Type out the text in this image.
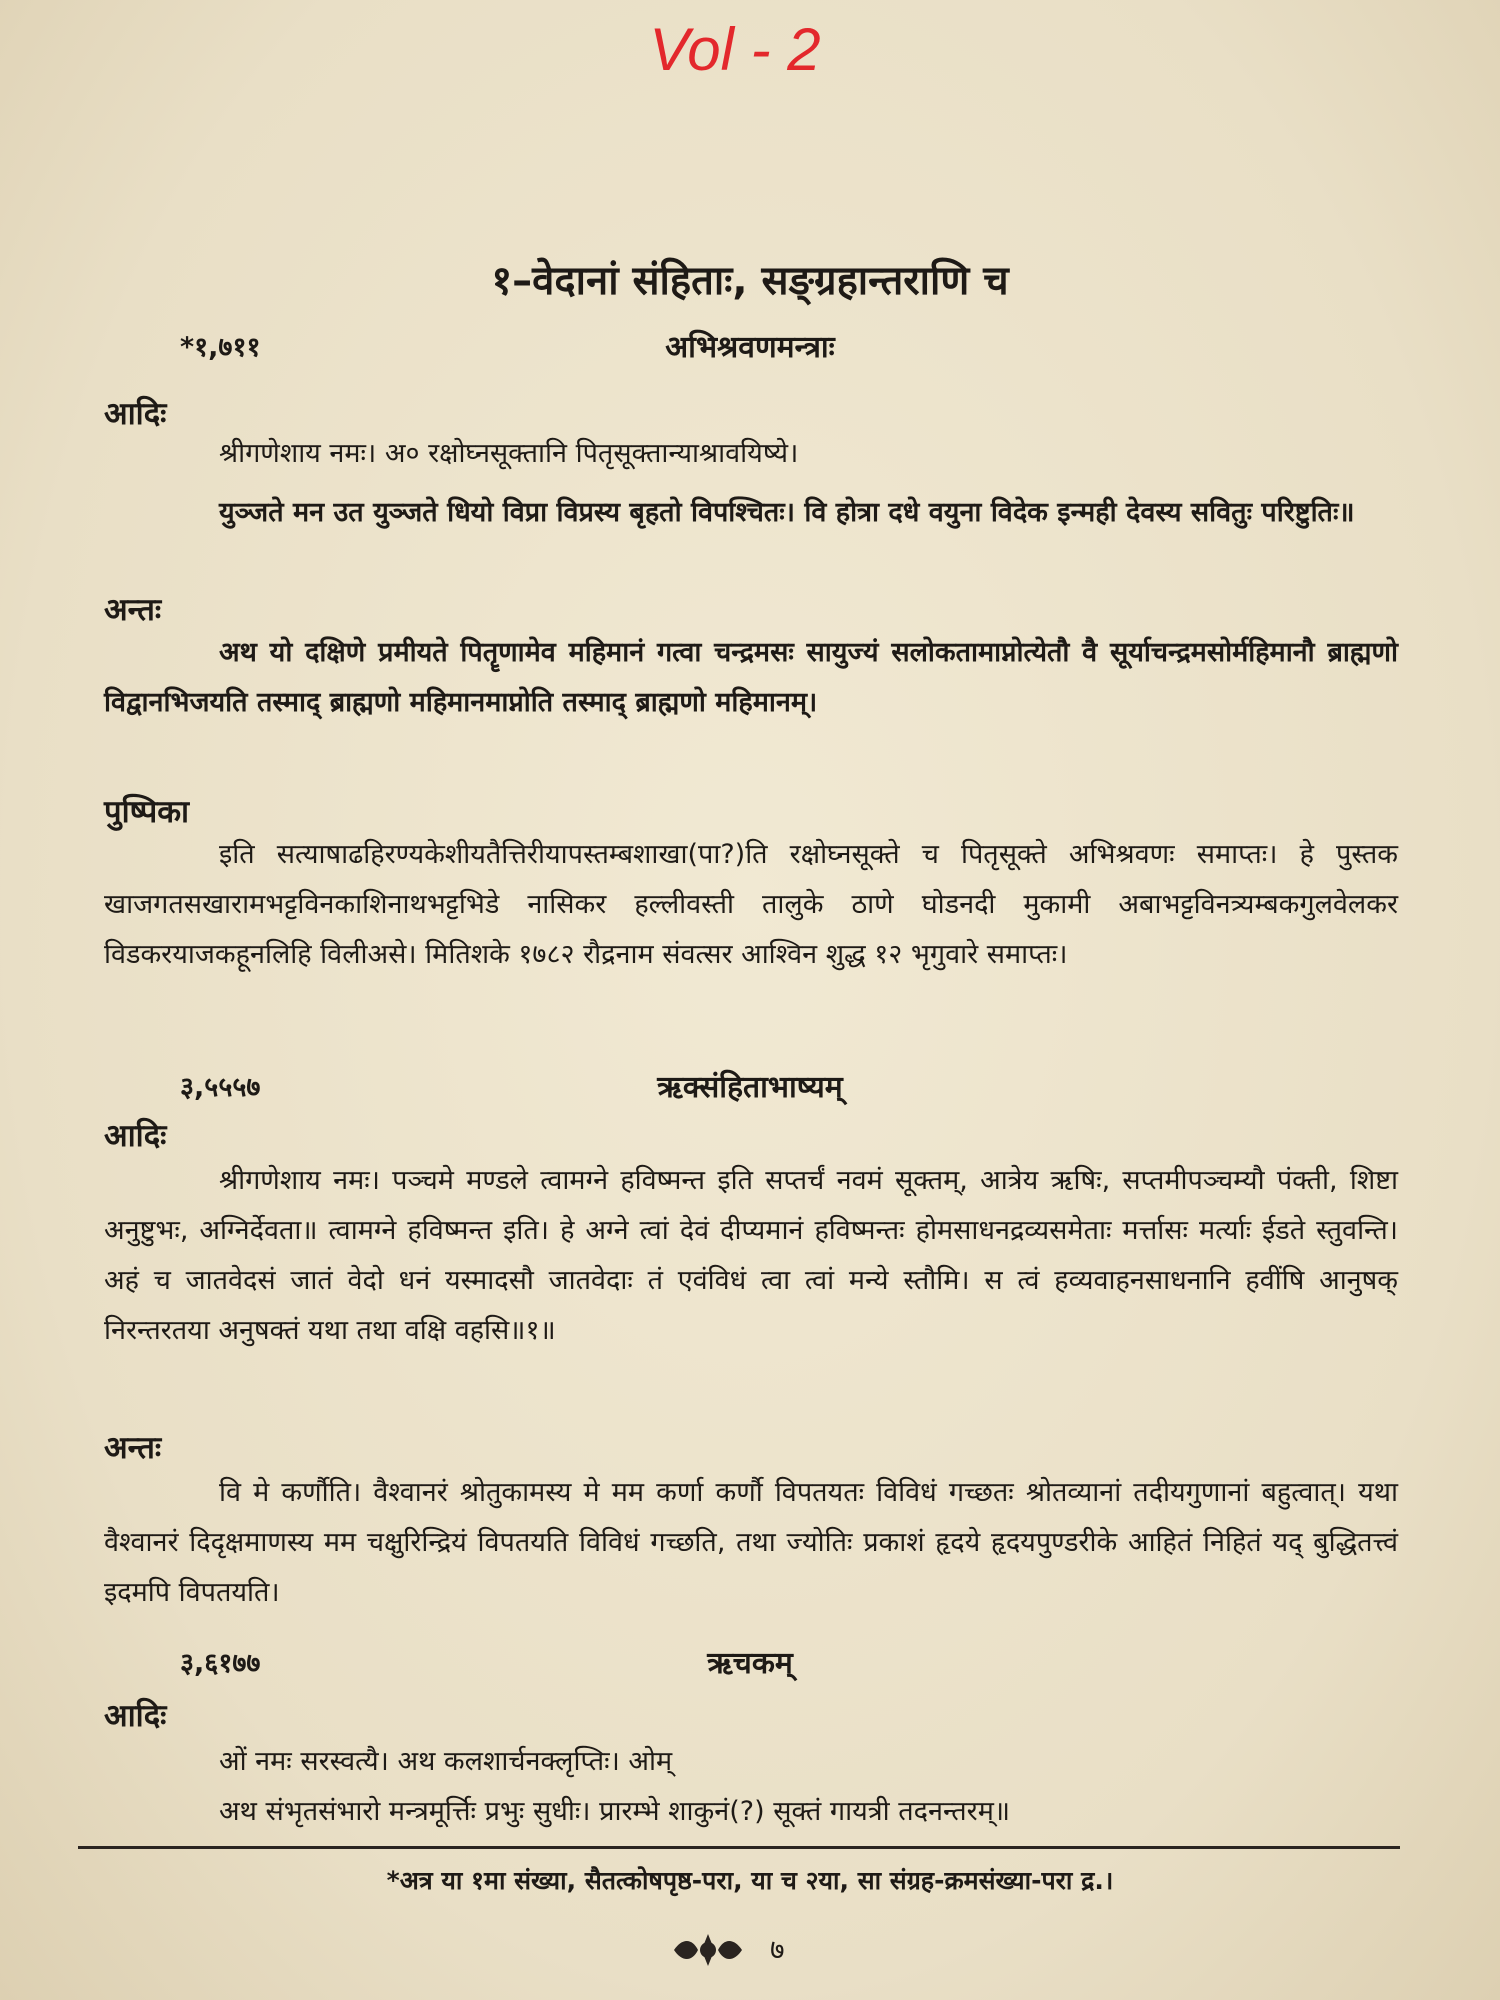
Vol - 2
१–वेदानां संहिताः, सङ्ग्रहान्तराणि च
*१,७११	अभिश्रवणमन्त्राः
आदिः
श्रीगणेशाय नमः। अ० रक्षोघ्नसूक्तानि पितृसूक्तान्याश्रावयिष्ये।

युञ्जते मन उत युञ्जते धियो विप्रा विप्रस्य बृहतो विपश्चितः। वि होत्रा दधे वयुना विदेक इन्मही देवस्य सवितुः परिष्टुतिः॥

अन्तः

अथ यो दक्षिणे प्रमीयते पितॄणामेव महिमानं गत्वा चन्द्रमसः सायुज्यं सलोकतामाप्नोत्येतौ वै सूर्याचन्द्रमसोर्महिमानौ ब्राह्मणो विद्वानभिजयति तस्माद् ब्राह्मणो महिमानमाप्नोति तस्माद् ब्राह्मणो महिमानम्।

पुष्पिका

इति सत्याषाढहिरण्यकेशीयतैत्तिरीयापस्तम्बशाखा(पा?)ति रक्षोघ्नसूक्ते च पितृसूक्ते अभिश्रवणः समाप्तः। हे पुस्तक खाजगतसखारामभट्टविनकाशिनाथभट्टभिडे नासिकर हल्लीवस्ती तालुके ठाणे घोडनदी मुकामी अबाभट्टविनत्र्यम्बकगुलवेलकर विडकरयाजकहूनलिहि विलीअसे। मितिशके १७८२ रौद्रनाम संवत्सर आश्विन शुद्ध १२ भृगुवारे समाप्तः।

३,५५५७	ऋक्संहिताभाष्यम्
आदिः

श्रीगणेशाय नमः। पञ्चमे मण्डले त्वामग्ने हविष्मन्त इति सप्तर्चं नवमं सूक्तम्, आत्रेय ऋषिः, सप्तमीपञ्चम्यौ पंक्ती, शिष्टा अनुष्टुभः, अग्निर्देवता॥ त्वामग्ने हविष्मन्त इति। हे अग्ने त्वां देवं दीप्यमानं हविष्मन्तः होमसाधनद्रव्यसमेताः मर्त्तासः मर्त्याः ईडते स्तुवन्ति। अहं च जातवेदसं जातं वेदो धनं यस्मादसौ जातवेदाः तं एवंविधं त्वा त्वां मन्ये स्तौमि। स त्वं हव्यवाहनसाधनानि हवींषि आनुषक् निरन्तरतया अनुषक्तं यथा तथा वक्षि वहसि॥१॥

अन्तः

वि मे कर्णौति। वैश्वानरं श्रोतुकामस्य मे मम कर्णा कर्णौ विपतयतः विविधं गच्छतः श्रोतव्यानां तदीयगुणानां बहुत्वात्। यथा वैश्वानरं दिदृक्षमाणस्य मम चक्षुरिन्द्रियं विपतयति विविधं गच्छति, तथा ज्योतिः प्रकाशं हृदये हृदयपुण्डरीके आहितं निहितं यद् बुद्धितत्त्वं इदमपि विपतयति।

३,६१७७	ऋचकम्
आदिः
ओं नमः सरस्वत्यै। अथ कलशार्चनक्लृप्तिः। ओम्
अथ संभृतसंभारो मन्त्रमूर्त्तिः प्रभुः सुधीः। प्रारम्भे शाकुनं(?) सूक्तं गायत्री तदनन्तरम्॥
*अत्र या १मा संख्या, सैतत्कोषपृष्ठ-परा, या च २या, सा संग्रह-क्रमसंख्या-परा द्र.।
७
